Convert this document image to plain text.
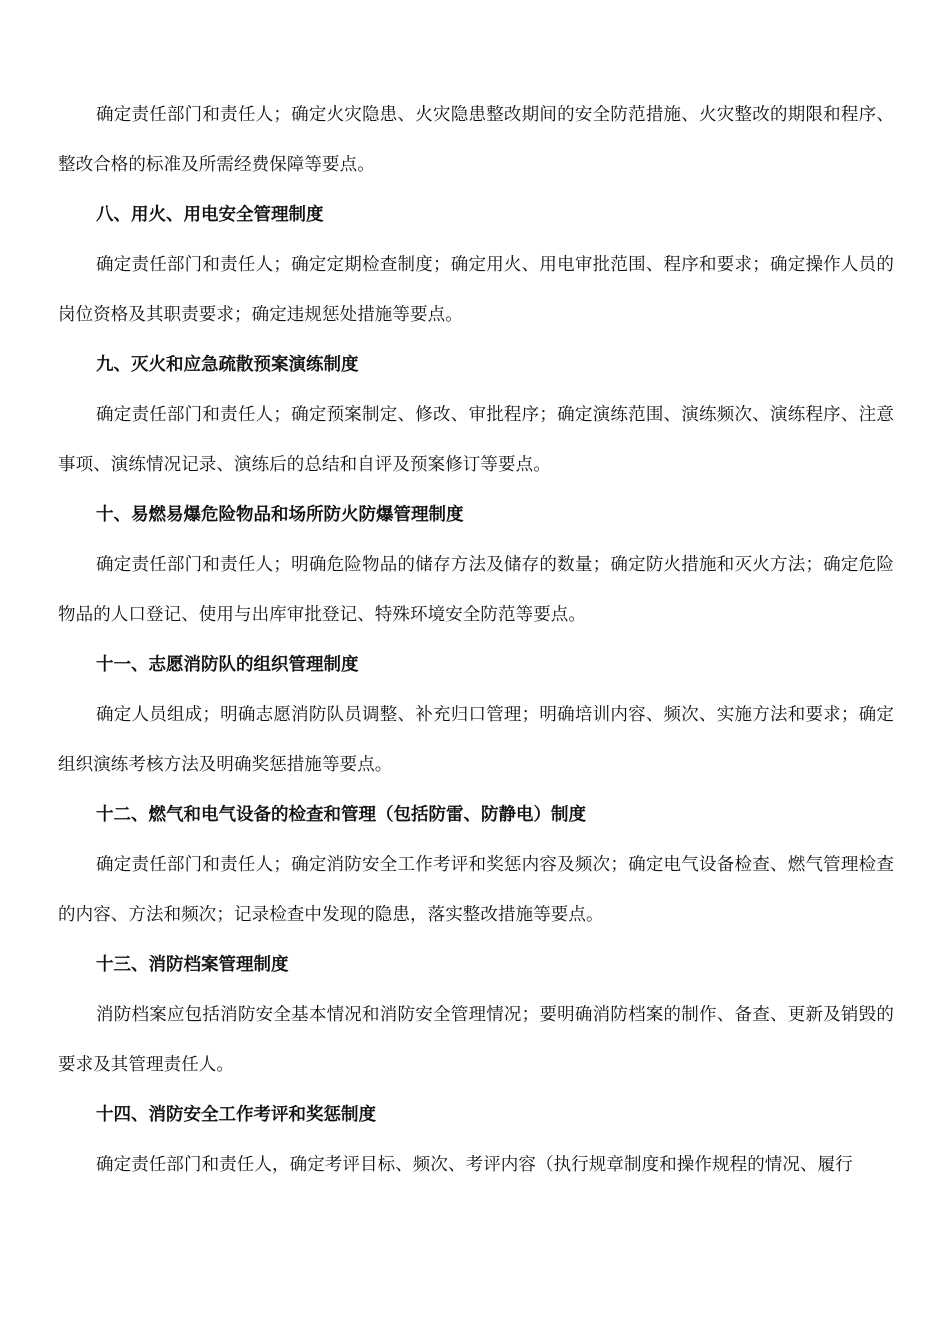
确定责任部门和责任人；确定火灾隐患、火灾隐患整改期间的安全防范措施、火灾整改的期限和程序、整改合格的标准及所需经费保障等要点。

八、用火、用电安全管理制度

确定责任部门和责任人；确定定期检查制度；确定用火、用电审批范围、程序和要求；确定操作人员的岗位资格及其职责要求；确定违规惩处措施等要点。

九、灭火和应急疏散预案演练制度

确定责任部门和责任人；确定预案制定、修改、审批程序；确定演练范围、演练频次、演练程序、注意事项、演练情况记录、演练后的总结和自评及预案修订等要点。

十、易燃易爆危险物品和场所防火防爆管理制度

确定责任部门和责任人；明确危险物品的储存方法及储存的数量；确定防火措施和灭火方法；确定危险物品的人口登记、使用与出库审批登记、特殊环境安全防范等要点。

十一、志愿消防队的组织管理制度

确定人员组成；明确志愿消防队员调整、补充归口管理；明确培训内容、频次、实施方法和要求；确定组织演练考核方法及明确奖惩措施等要点。

十二、燃气和电气设备的检查和管理（包括防雷、防静电）制度

确定责任部门和责任人；确定消防安全工作考评和奖惩内容及频次；确定电气设备检查、燃气管理检查的内容、方法和频次；记录检查中发现的隐患，落实整改措施等要点。

十三、消防档案管理制度

消防档案应包括消防安全基本情况和消防安全管理情况；要明确消防档案的制作、备查、更新及销毁的要求及其管理责任人。

十四、消防安全工作考评和奖惩制度

确定责任部门和责任人，确定考评目标、频次、考评内容（执行规章制度和操作规程的情况、履行
